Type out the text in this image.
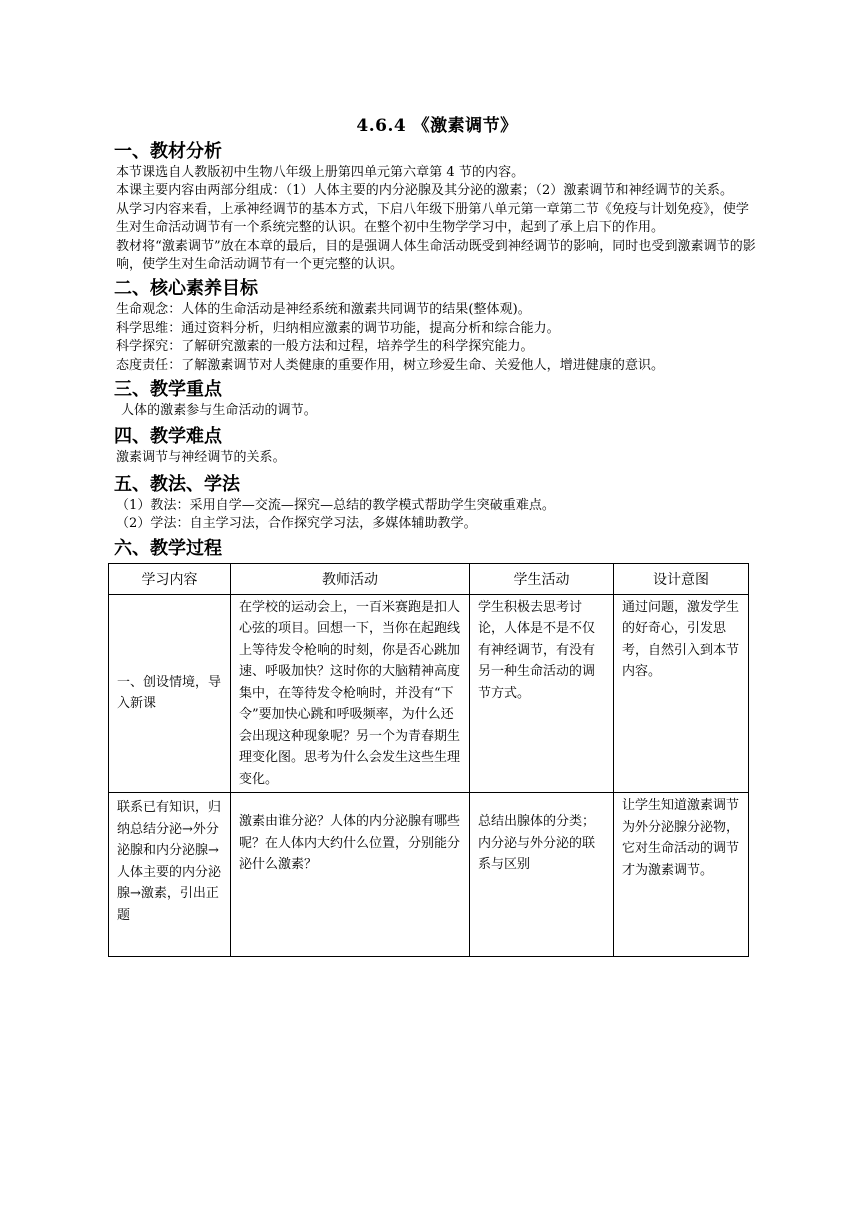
4.6.4 《激素调节》
一、教材分析

本节课选自人教版初中生物八年级上册第四单元第六章第 4 节的内容。

本课主要内容由两部分组成：（1）人体主要的内分泌腺及其分泌的激素；（2）激素调节和神经调节的关系。

从学习内容来看，上承神经调节的基本方式，下启八年级下册第八单元第一章第二节《免疫与计划免疫》，使学生对生命活动调节有一个系统完整的认识。在整个初中生物学学习中，起到了承上启下的作用。

教材将“激素调节”放在本章的最后，目的是强调人体生命活动既受到神经调节的影响，同时也受到激素调节的影响，使学生对生命活动调节有一个更完整的认识。

二、核心素养目标

生命观念：人体的生命活动是神经系统和激素共同调节的结果(整体观)。

科学思维：通过资料分析，归纳相应激素的调节功能，提高分析和综合能力。

科学探究：了解研究激素的一般方法和过程，培养学生的科学探究能力。

态度责任：了解激素调节对人类健康的重要作用，树立珍爱生命、关爱他人，增进健康的意识。

三、教学重点

人体的激素参与生命活动的调节。

四、教学难点

激素调节与神经调节的关系。

五、教法、学法

（1）教法：采用自学—交流—探究—总结的教学模式帮助学生突破重难点。

（2）学法：自主学习法，合作探究学习法，多媒体辅助教学。

六、教学过程
学习内容	教师活动	学生活动	设计意图
一、创设情境，导入新课	在学校的运动会上，一百米赛跑是扣人心弦的项目。回想一下，当你在起跑线上等待发令枪响的时刻，你是否心跳加速、呼吸加快？这时你的大脑精神高度集中，在等待发令枪响时，并没有“下令”要加快心跳和呼吸频率，为什么还会出现这种现象呢？另一个为青春期生理变化图。思考为什么会发生这些生理变化。	学生积极去思考讨论，人体是不是不仅有神经调节，有没有另一种生命活动的调节方式。	通过问题，激发学生的好奇心，引发思考，自然引入到本节内容。
联系已有知识，归纳总结分泌→外分泌腺和内分泌腺→人体主要的内分泌腺→激素，引出正题	激素由谁分泌？人体的内分泌腺有哪些呢？在人体内大约什么位置，分别能分泌什么激素？	总结出腺体的分类；内分泌与外分泌的联系与区别	让学生知道激素调节为外分泌腺分泌物，它对生命活动的调节才为激素调节。
